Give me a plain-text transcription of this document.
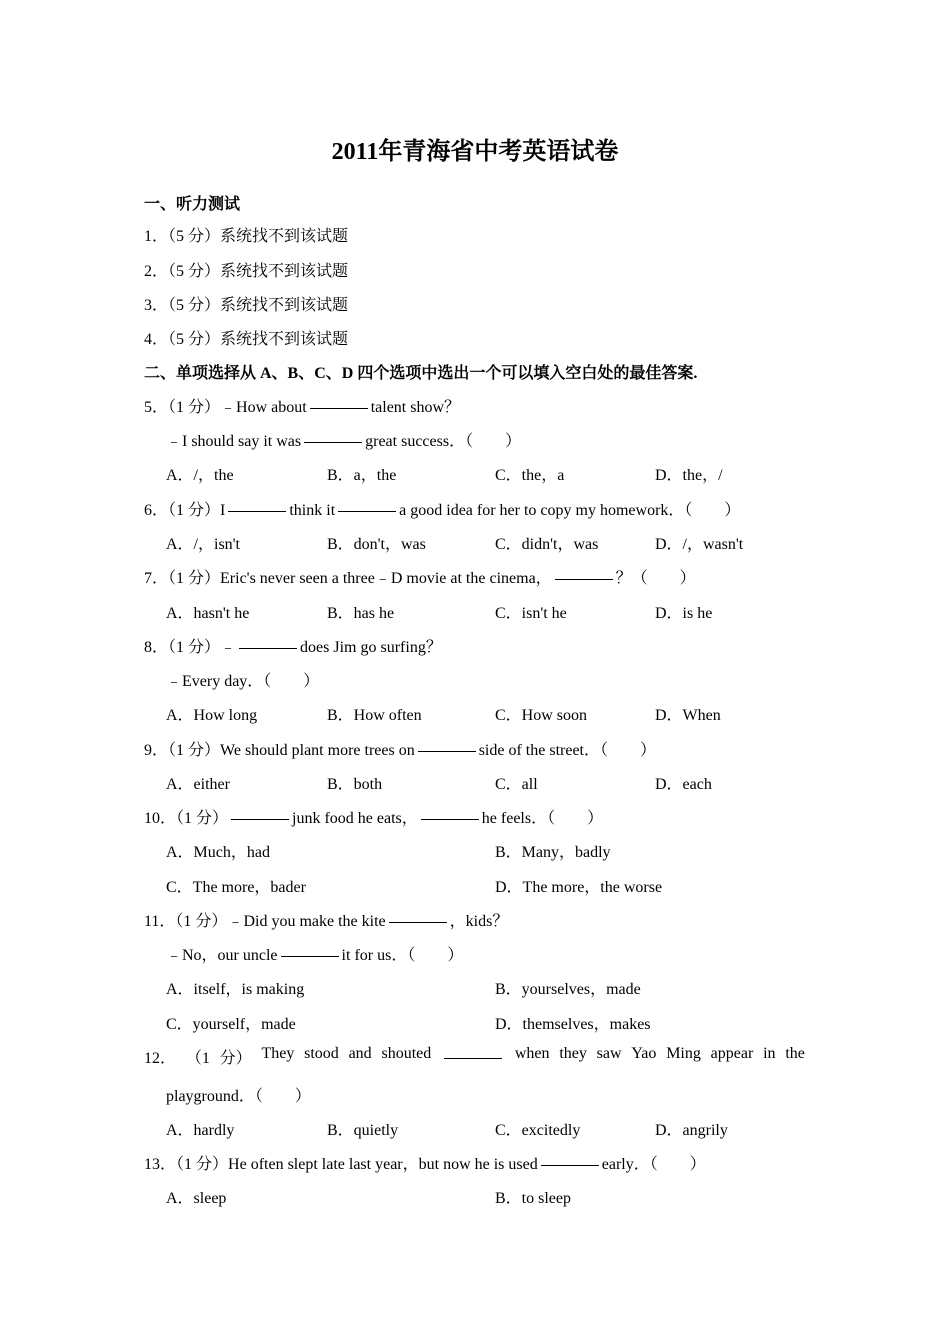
2011年青海省中考英语试卷
一、听力测试
1．（5 分）系统找不到该试题
2．（5 分）系统找不到该试题
3．（5 分）系统找不到该试题
4．（5 分）系统找不到该试题
二、单项选择从 A、B、C、D 四个选项中选出一个可以填入空白处的最佳答案.
5．（1 分）﹣How about	talent show？
﹣I should say it was	great success．（　　）
A．/，the	B．a，the	C．the，a	D．the，/
6．（1 分）I	think it	a good idea for her to copy my homework．（　　）
A．/，isn't	B．don't，was	C．didn't，was	D．/，wasn't
7．（1 分）Eric's never seen a three﹣D movie at the cinema，	？（　　）
A．hasn't he	B．has he	C．isn't he	D．is he
8．（1 分）﹣	does Jim go surfing？
﹣Every day．（　　）
A．How long	B．How often	C．How soon	D．When
9．（1 分）We should plant more trees on	side of the street．（　　）
A．either	B．both	C．all	D．each
10．（1 分）	junk food he eats，	he feels．（　　）
A．Much，had	B．Many，badly
C．The more，bader	D．The more，the worse
11．（1 分）﹣Did you make the kite	，kids？
﹣No，our uncle	it for us．（　　）
A．itself，is making	B．yourselves，made
C．yourself，made	D．themselves，makes
12． （1 分） They stood and shouted	when they saw Yao Ming appear in the
playground．（　　）
A．hardly	B．quietly	C．excitedly	D．angrily
13．（1 分）He often slept late last year，but now he is used	early．（　　）
A．sleep	B．to sleep
